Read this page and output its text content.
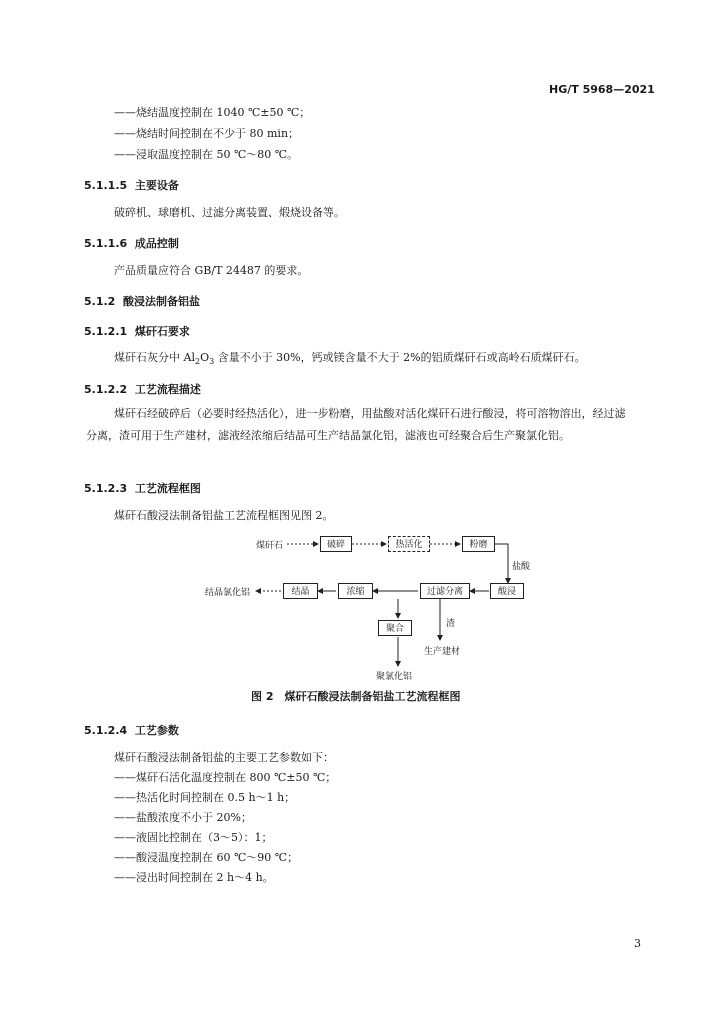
HG/T 5968—2021
——烧结温度控制在 1040 ℃±50 ℃；
——烧结时间控制在不少于 80 min；
——浸取温度控制在 50 ℃～80 ℃。
5.1.1.5 主要设备
破碎机、球磨机、过滤分离装置、煅烧设备等。
5.1.1.6 成品控制
产品质量应符合 GB/T 24487 的要求。
5.1.2 酸浸法制备铝盐
5.1.2.1 煤矸石要求
煤矸石灰分中 $Al_2O_3$ 含量不小于 30%，钙或镁含量不大于 2%的铝质煤矸石或高岭石质煤矸石。
5.1.2.2 工艺流程描述
煤矸石经破碎后（必要时经热活化），进一步粉磨，用盐酸对活化煤矸石进行酸浸，将可溶物溶出，经过滤分离，渣可用于生产建材，滤液经浓缩后结晶可生产结晶氯化铝，滤液也可经聚合后生产聚氯化铝。
5.1.2.3 工艺流程框图
煤矸石酸浸法制备铝盐工艺流程框图见图 2。
煤矸石	破碎	热活化	粉磨
盐酸
酸浸
过滤分离
浓缩
结晶
结晶氯化铝
渣
聚合
生产建材
聚氯化铝
图 2　煤矸石酸浸法制备铝盐工艺流程框图
5.1.2.4 工艺参数
煤矸石酸浸法制备铝盐的主要工艺参数如下：
——煤矸石活化温度控制在 800 ℃±50 ℃；
——热活化时间控制在 0.5 h～1 h；
——盐酸浓度不小于 20%；
——液固比控制在（3～5）：1；
——酸浸温度控制在 60 ℃～90 ℃；
——浸出时间控制在 2 h～4 h。
3
